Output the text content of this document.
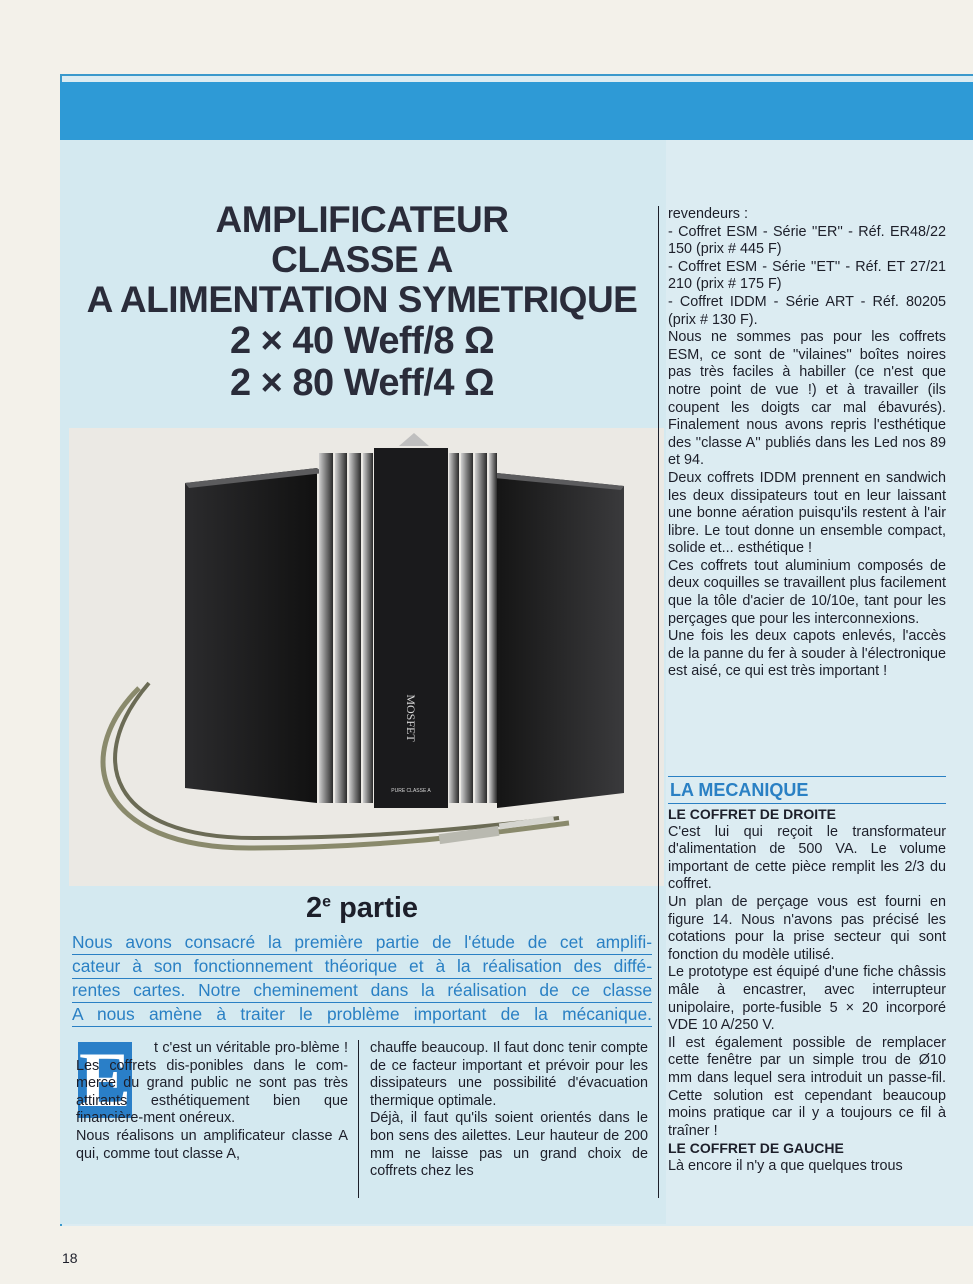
AMPLIFICATEUR
CLASSE A
A ALIMENTATION SYMETRIQUE
2 × 40 Weff/8 Ω
2 × 80 Weff/4 Ω
MOSFET
PURE CLASSE A
2e partie
Nous avons consacré la première partie de l'étude de cet amplifi-
cateur à son fonctionnement théorique et à la réalisation des diffé-
rentes cartes. Notre cheminement dans la réalisation de ce classe
A nous amène à traiter le problème important de la mécanique.
E	t c'est un véritable pro-blème ! Les coffrets dis-ponibles dans le com-merce du grand public ne sont pas très attirants esthétiquement bien que financière-ment onéreux.

Nous réalisons un amplificateur classe A qui, comme tout classe A,

chauffe beaucoup. Il faut donc tenir compte de ce facteur important et prévoir pour les dissipateurs une possibilité d'évacuation thermique optimale.

Déjà, il faut qu'ils soient orientés dans le bon sens des ailettes. Leur hauteur de 200 mm ne laisse pas un grand choix de coffrets chez les

revendeurs :

- Coffret ESM - Série ''ER'' - Réf. ER48/22 150 (prix # 445 F)

- Coffret ESM - Série ''ET'' - Réf. ET 27/21 210 (prix # 175 F)

- Coffret IDDM - Série ART - Réf. 80205 (prix # 130 F).

Nous ne sommes pas pour les coffrets ESM, ce sont de ''vilaines'' boîtes noires pas très faciles à habiller (ce n'est que notre point de vue !) et à travailler (ils coupent les doigts car mal ébavurés). Finalement nous avons repris l'esthétique des ''classe A'' publiés dans les Led nos 89 et 94.

Deux coffrets IDDM prennent en sandwich les deux dissipateurs tout en leur laissant une bonne aération puisqu'ils restent à l'air libre. Le tout donne un ensemble compact, solide et... esthétique !

Ces coffrets tout aluminium composés de deux coquilles se travaillent plus facilement que la tôle d'acier de 10/10e, tant pour les perçages que pour les interconnexions.

Une fois les deux capots enlevés, l'accès de la panne du fer à souder à l'électronique est aisé, ce qui est très important !

LA MECANIQUE

LE COFFRET DE DROITE

C'est lui qui reçoit le transformateur d'alimentation de 500 VA. Le volume important de cette pièce remplit les 2/3 du coffret.

Un plan de perçage vous est fourni en figure 14. Nous n'avons pas précisé les cotations pour la prise secteur qui sont fonction du modèle utilisé.

Le prototype est équipé d'une fiche châssis mâle à encastrer, avec interrupteur unipolaire, porte-fusible 5 × 20 incorporé VDE 10 A/250 V.

Il est également possible de remplacer cette fenêtre par un simple trou de Ø10 mm dans lequel sera introduit un passe-fil. Cette solution est cependant beaucoup moins pratique car il y a toujours ce fil à traîner !

LE COFFRET DE GAUCHE

Là encore il n'y a que quelques trous

18
